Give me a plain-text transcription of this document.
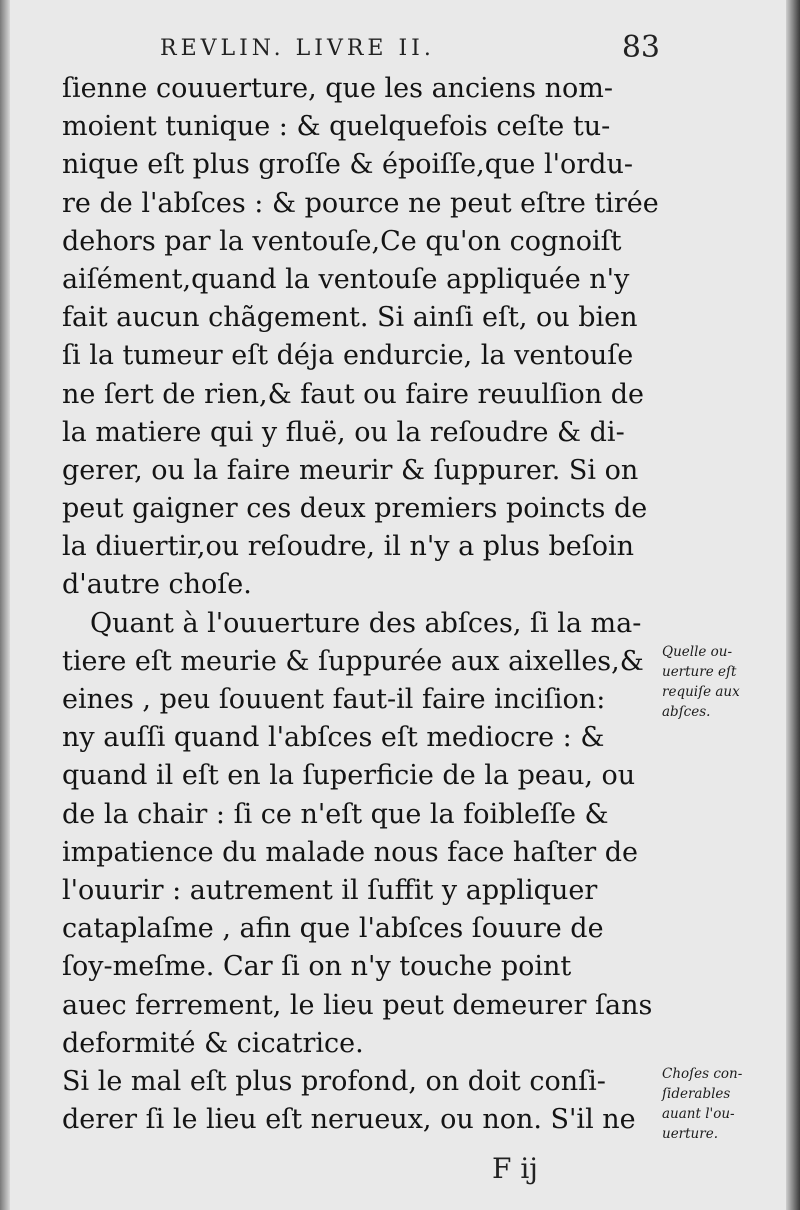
REVLIN. LIVRE II.	83
ſienne couuerture, que les anciens nom-
moient tunique : & quelquefois ceſte tu-
nique eſt plus groſſe & époiſſe,que l'ordu-
re de l'abſces : & pource ne peut eſtre tirée
dehors par la ventouſe,Ce qu'on cognoiſt
aiſément,quand la ventouſe appliquée n'y
fait aucun chãgement. Si ainſi eſt, ou bien
ſi la tumeur eſt déja endurcie, la ventouſe
ne ſert de rien,& faut ou faire reuulſion de
la matiere qui y fluë, ou la reſoudre & di-
gerer, ou la faire meurir & ſuppurer. Si on
peut gaigner ces deux premiers poincts de
la diuertir,ou reſoudre, il n'y a plus beſoin
d'autre choſe.
Quant à l'ouuerture des abſces, ſi la ma-
tiere eſt meurie & ſuppurée aux aixelles,&
eines , peu ſouuent faut-il faire inciſion:
ny auſſi quand l'abſces eſt mediocre : &
quand il eſt en la ſuperficie de la peau, ou
de la chair : ſi ce n'eſt que la foibleſſe &
impatience du malade nous face haſter de
l'ouurir : autrement il ſuffit y appliquer
cataplaſme , afin que l'abſces ſouure de
ſoy-meſme. Car ſi on n'y touche point
auec ferrement, le lieu peut demeurer ſans
deformité & cicatrice.
Si le mal eſt plus profond, on doit conſi-
derer ſi le lieu eſt nerueux, ou non. S'il ne
Quelle ou-
uerture eſt
requiſe aux
abſces.
Choſes con-
ſiderables
auant l'ou-
uerture.
F ij
